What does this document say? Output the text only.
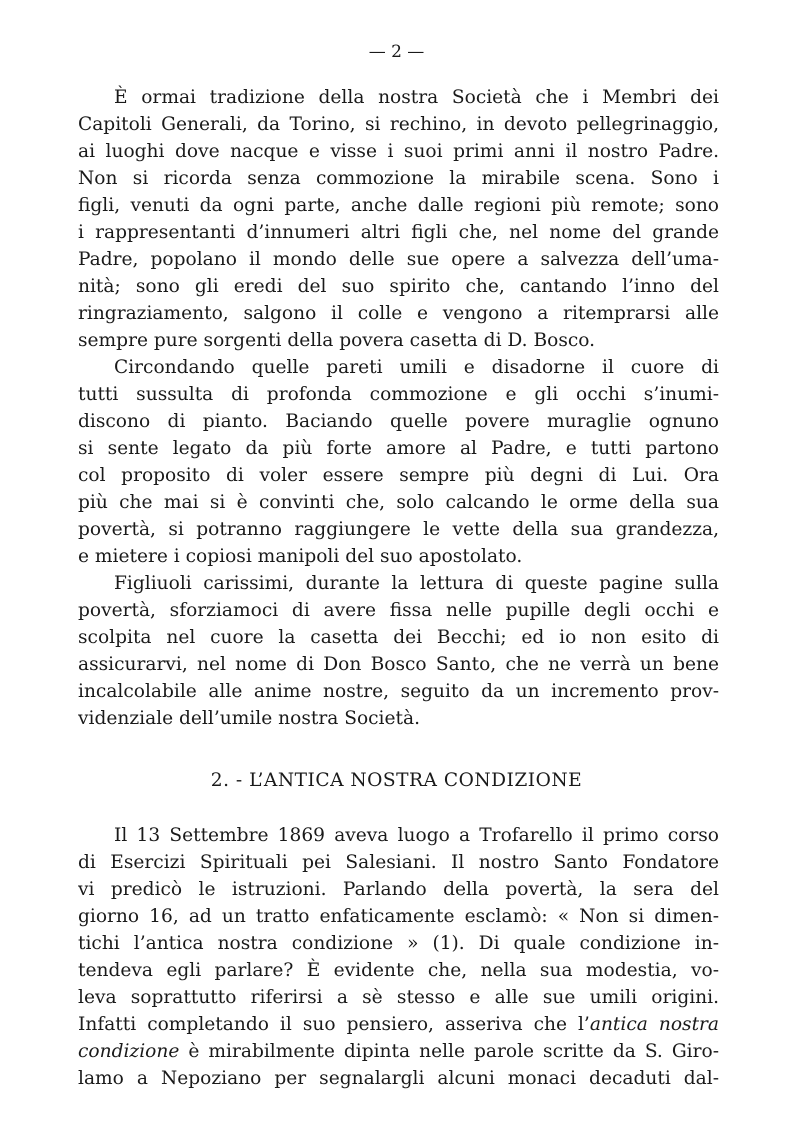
— 2 —
È ormai tradizione della nostra Società che i Membri dei
Capitoli Generali, da Torino, si rechino, in devoto pellegrinaggio,
ai luoghi dove nacque e visse i suoi primi anni il nostro Padre.
Non si ricorda senza commozione la mirabile scena. Sono i
figli, venuti da ogni parte, anche dalle regioni più remote; sono
i rappresentanti d’innumeri altri figli che, nel nome del grande
Padre, popolano il mondo delle sue opere a salvezza dell’uma-
nità; sono gli eredi del suo spirito che, cantando l’inno del
ringraziamento, salgono il colle e vengono a ritemprarsi alle
sempre pure sorgenti della povera casetta di D. Bosco.
Circondando quelle pareti umili e disadorne il cuore di
tutti sussulta di profonda commozione e gli occhi s’inumi-
discono di pianto. Baciando quelle povere muraglie ognuno
si sente legato da più forte amore al Padre, e tutti partono
col proposito di voler essere sempre più degni di Lui. Ora
più che mai si è convinti che, solo calcando le orme della sua
povertà, si potranno raggiungere le vette della sua grandezza,
e mietere i copiosi manipoli del suo apostolato.
Figliuoli carissimi, durante la lettura di queste pagine sulla
povertà, sforziamoci di avere fissa nelle pupille degli occhi e
scolpita nel cuore la casetta dei Becchi; ed io non esito di
assicurarvi, nel nome di Don Bosco Santo, che ne verrà un bene
incalcolabile alle anime nostre, seguito da un incremento prov-
videnziale dell’umile nostra Società.
2. - L’ANTICA NOSTRA CONDIZIONE
Il 13 Settembre 1869 aveva luogo a Trofarello il primo corso
di Esercizi Spirituali pei Salesiani. Il nostro Santo Fondatore
vi predicò le istruzioni. Parlando della povertà, la sera del
giorno 16, ad un tratto enfaticamente esclamò: « Non si dimen-
tichi l’antica nostra condizione » (1). Di quale condizione in-
tendeva egli parlare? È evidente che, nella sua modestia, vo-
leva soprattutto riferirsi a sè stesso e alle sue umili origini.
Infatti completando il suo pensiero, asseriva che l’antica nostra
condizione è mirabilmente dipinta nelle parole scritte da S. Giro-
lamo a Nepoziano per segnalargli alcuni monaci decaduti dal-
